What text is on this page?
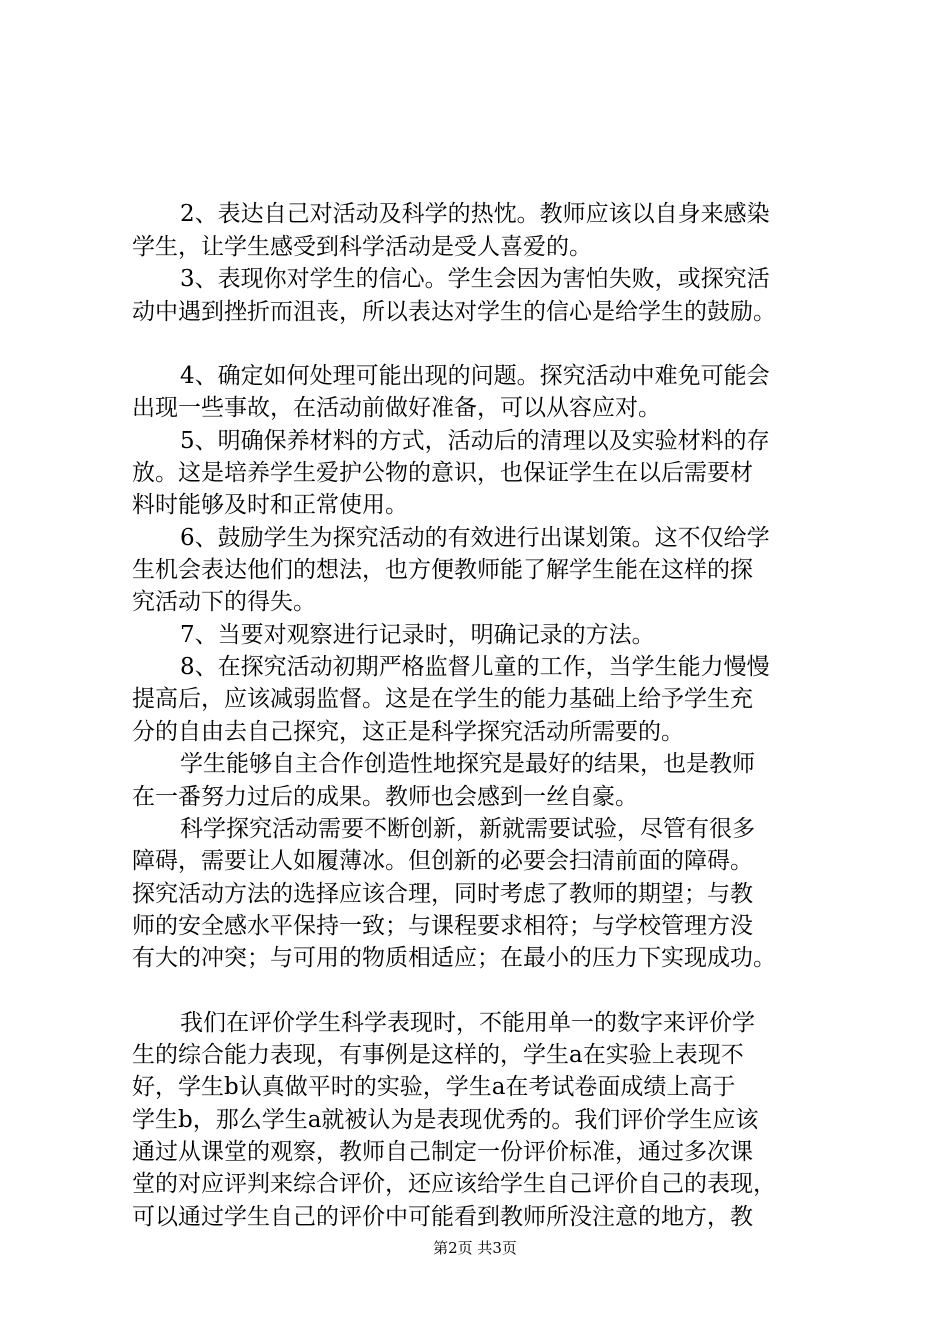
2、表达自己对活动及科学的热忱。教师应该以自身来感染
学生，让学生感受到科学活动是受人喜爱的。
3、表现你对学生的信心。学生会因为害怕失败，或探究活
动中遇到挫折而沮丧，所以表达对学生的信心是给学生的鼓励。
4、确定如何处理可能出现的问题。探究活动中难免可能会
出现一些事故，在活动前做好准备，可以从容应对。
5、明确保养材料的方式，活动后的清理以及实验材料的存
放。这是培养学生爱护公物的意识，也保证学生在以后需要材
料时能够及时和正常使用。
6、鼓励学生为探究活动的有效进行出谋划策。这不仅给学
生机会表达他们的想法，也方便教师能了解学生能在这样的探
究活动下的得失。
7、当要对观察进行记录时，明确记录的方法。
8、在探究活动初期严格监督儿童的工作，当学生能力慢慢
提高后，应该减弱监督。这是在学生的能力基础上给予学生充
分的自由去自己探究，这正是科学探究活动所需要的。
学生能够自主合作创造性地探究是最好的结果，也是教师
在一番努力过后的成果。教师也会感到一丝自豪。
科学探究活动需要不断创新，新就需要试验，尽管有很多
障碍，需要让人如履薄冰。但创新的必要会扫清前面的障碍。
探究活动方法的选择应该合理，同时考虑了教师的期望；与教
师的安全感水平保持一致；与课程要求相符；与学校管理方没
有大的冲突；与可用的物质相适应；在最小的压力下实现成功。
我们在评价学生科学表现时，不能用单一的数字来评价学
生的综合能力表现，有事例是这样的，学生a在实验上表现不
好，学生b认真做平时的实验，学生a在考试卷面成绩上高于
学生b，那么学生a就被认为是表现优秀的。我们评价学生应该
通过从课堂的观察，教师自己制定一份评价标准，通过多次课
堂的对应评判来综合评价，还应该给学生自己评价自己的表现，
可以通过学生自己的评价中可能看到教师所没注意的地方，教
第2页 共3页
